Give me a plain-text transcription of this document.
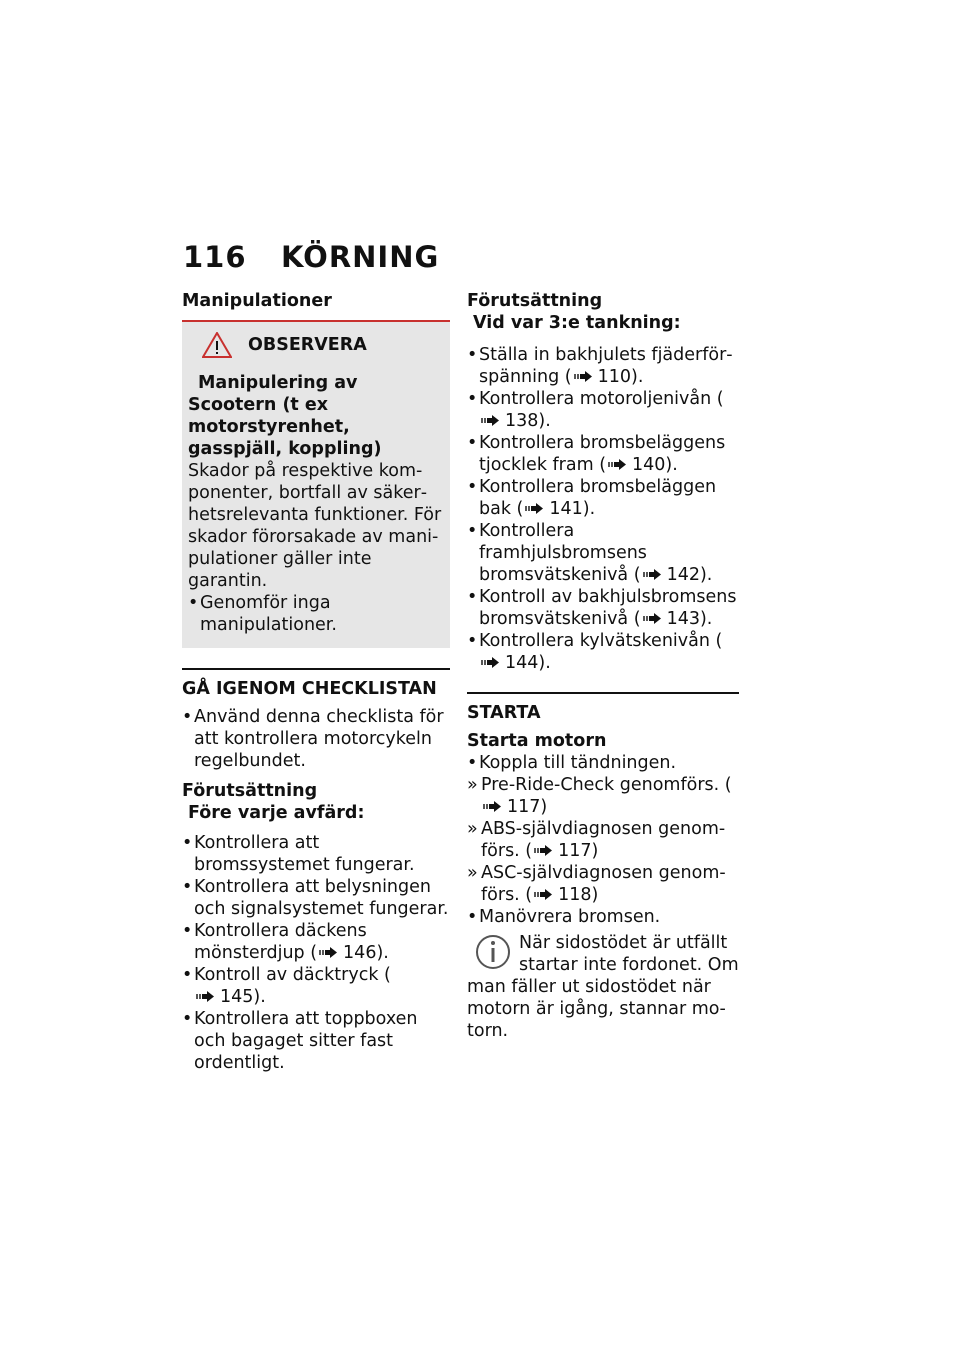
116 KÖRNING
Manipulationer
OBSERVERA
Manipulering av Scootern (t ex motorstyrenhet, gasspjäll, koppling)
Skador på respektive komponenter, bortfall av säkerhetsrelevanta funktioner. För skador förorsakade av manipulationer gäller inte garantin.
• Genomför inga manipulationer.
GÅ IGENOM CHECKLISTAN
• Använd denna checklista för att kontrollera motorcykeln regelbundet.
Förutsättning
Före varje avfärd:
• Kontrollera att bromssystemet fungerar.
• Kontrollera att belysningen och signalsystemet fungerar.
• Kontrollera däckens mönsterdjup ( 146).
• Kontroll av däcktryck (145).
• Kontrollera att toppboxen och bagaget sitter fast ordentligt.
Förutsättning
Vid var 3:e tankning:
• Ställa in bakhjulets fjäderförspänning ( 110).
• Kontrollera motoroljenivån (138).
• Kontrollera bromsbeläggens tjocklek fram ( 140).
• Kontrollera bromsbeläggen bak ( 141).
• Kontrollera framhjulsbromsens bromsvätskenivå ( 142).
• Kontroll av bakhjulsbromsens bromsvätskenivå ( 143).
• Kontrollera kylvätskenivån (144).
STARTA
Starta motorn
• Koppla till tändningen.
» Pre-Ride-Check genomförs. (117)
» ABS-självdiagnosen genomförs. ( 117)
» ASC-självdiagnosen genomförs. ( 118)
• Manövrera bromsen.
När sidostödet är utfällt startar inte fordonet. Om man fäller ut sidostödet när motorn är igång, stannar motorn.
